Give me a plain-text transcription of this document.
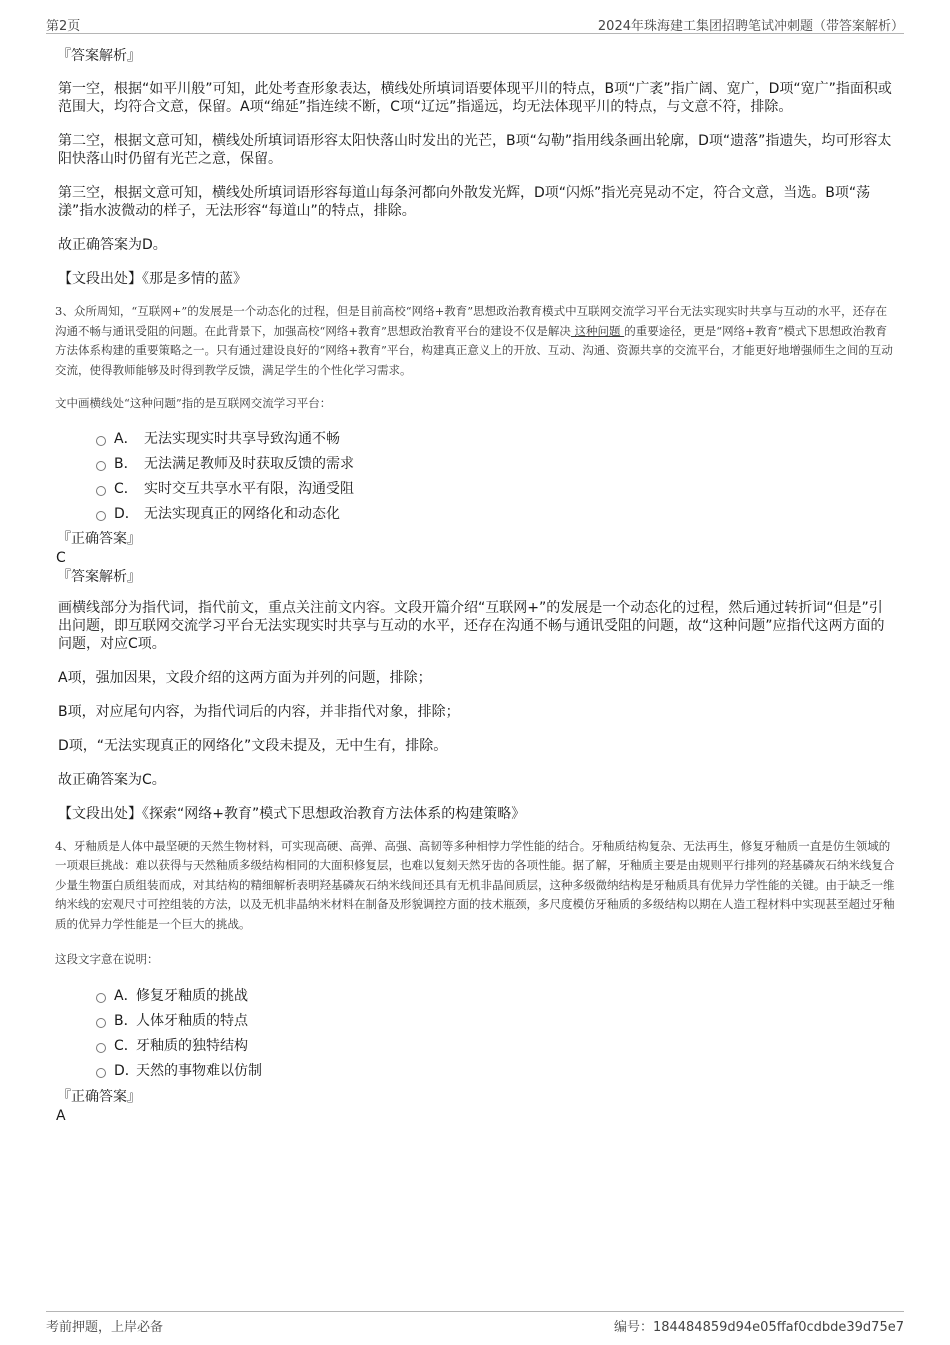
第2页	2024年珠海建工集团招聘笔试冲刺题（带答案解析）
『答案解析』

第一空，根据“如平川般”可知，此处考查形象表达，横线处所填词语要体现平川的特点，B项“广袤”指广阔、宽广，D项“宽广”指面积或范围大，均符合文意，保留。A项“绵延”指连续不断，C项“辽远”指遥远，均无法体现平川的特点，与文意不符，排除。

第二空，根据文意可知，横线处所填词语形容太阳快落山时发出的光芒，B项“勾勒”指用线条画出轮廓，D项“遗落”指遗失，均可形容太阳快落山时仍留有光芒之意，保留。

第三空，根据文意可知，横线处所填词语形容每道山每条河都向外散发光辉，D项“闪烁”指光亮晃动不定，符合文意，当选。B项“荡漾”指水波微动的样子，无法形容“每道山”的特点，排除。

故正确答案为D。

【文段出处】《那是多情的蓝》

3、众所周知，“互联网+”的发展是一个动态化的过程，但是目前高校“网络+教育”思想政治教育模式中互联网交流学习平台无法实现实时共享与互动的水平，还存在沟通不畅与通讯受阻的问题。在此背景下，加强高校“网络+教育”思想政治教育平台的建设不仅是解决 这种问题 的重要途径，更是“网络+教育”模式下思想政治教育方法体系构建的重要策略之一。只有通过建设良好的“网络+教育”平台，构建真正意义上的开放、互动、沟通、资源共享的交流平台，才能更好地增强师生之间的互动交流，使得教师能够及时得到教学反馈，满足学生的个性化学习需求。

文中画横线处“这种问题”指的是互联网交流学习平台：

A． 无法实现实时共享导致沟通不畅
B． 无法满足教师及时获取反馈的需求
C． 实时交互共享水平有限，沟通受阻
D． 无法实现真正的网络化和动态化
『正确答案』
C
『答案解析』

画横线部分为指代词，指代前文，重点关注前文内容。文段开篇介绍“互联网+”的发展是一个动态化的过程，然后通过转折词“但是”引出问题，即互联网交流学习平台无法实现实时共享与互动的水平，还存在沟通不畅与通讯受阻的问题，故“这种问题”应指代这两方面的问题，对应C项。

A项，强加因果，文段介绍的这两方面为并列的问题，排除；

B项，对应尾句内容，为指代词后的内容，并非指代对象，排除；

D项，“无法实现真正的网络化”文段未提及，无中生有，排除。

故正确答案为C。

【文段出处】《探索“网络+教育”模式下思想政治教育方法体系的构建策略》

4、牙釉质是人体中最坚硬的天然生物材料，可实现高硬、高弹、高强、高韧等多种相悖力学性能的结合。牙釉质结构复杂、无法再生，修复牙釉质一直是仿生领域的一项艰巨挑战：难以获得与天然釉质多级结构相同的大面积修复层，也难以复刻天然牙齿的各项性能。据了解，牙釉质主要是由规则平行排列的羟基磷灰石纳米线复合少量生物蛋白质组装而成，对其结构的精细解析表明羟基磷灰石纳米线间还具有无机非晶间质层，这种多级微纳结构是牙釉质具有优异力学性能的关键。由于缺乏一维纳米线的宏观尺寸可控组装的方法，以及无机非晶纳米材料在制备及形貌调控方面的技术瓶颈，多尺度模仿牙釉质的多级结构以期在人造工程材料中实现甚至超过牙釉质的优异力学性能是一个巨大的挑战。

这段文字意在说明：

A．修复牙釉质的挑战
B．人体牙釉质的特点
C．牙釉质的独特结构
D．天然的事物难以仿制
『正确答案』
A
考前押题，上岸必备	编号：184484859d94e05ffaf0cdbde39d75e7
